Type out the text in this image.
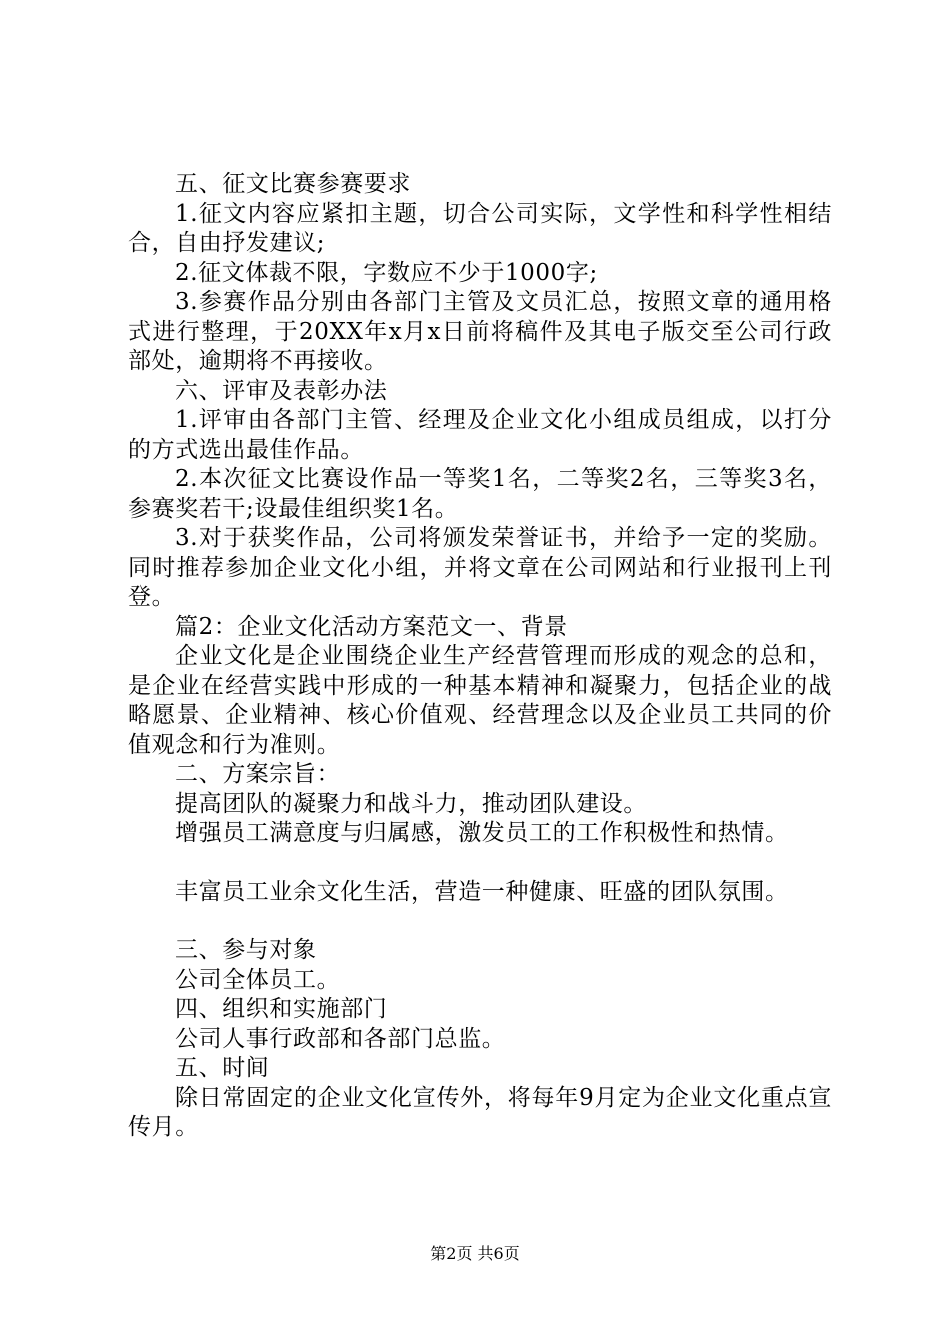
五、征文比赛参赛要求

1.征文内容应紧扣主题，切合公司实际，文学性和科学性相结合，自由抒发建议;

2.征文体裁不限，字数应不少于1000字;

3.参赛作品分别由各部门主管及文员汇总，按照文章的通用格式进行整理，于20XX年x月x日前将稿件及其电子版交至公司行政部处，逾期将不再接收。

六、评审及表彰办法

1.评审由各部门主管、经理及企业文化小组成员组成，以打分的方式选出最佳作品。

2.本次征文比赛设作品一等奖1名，二等奖2名，三等奖3名，参赛奖若干;设最佳组织奖1名。

3.对于获奖作品，公司将颁发荣誉证书，并给予一定的奖励。同时推荐参加企业文化小组，并将文章在公司网站和行业报刊上刊登。

篇2：企业文化活动方案范文一、背景

企业文化是企业围绕企业生产经营管理而形成的观念的总和，是企业在经营实践中形成的一种基本精神和凝聚力，包括企业的战略愿景、企业精神、核心价值观、经营理念以及企业员工共同的价值观念和行为准则。

二、方案宗旨：

提高团队的凝聚力和战斗力，推动团队建设。

增强员工满意度与归属感，激发员工的工作积极性和热情。

丰富员工业余文化生活，营造一种健康、旺盛的团队氛围。

三、参与对象

公司全体员工。

四、组织和实施部门

公司人事行政部和各部门总监。

五、时间

除日常固定的企业文化宣传外，将每年9月定为企业文化重点宣传月。

第2页 共6页
